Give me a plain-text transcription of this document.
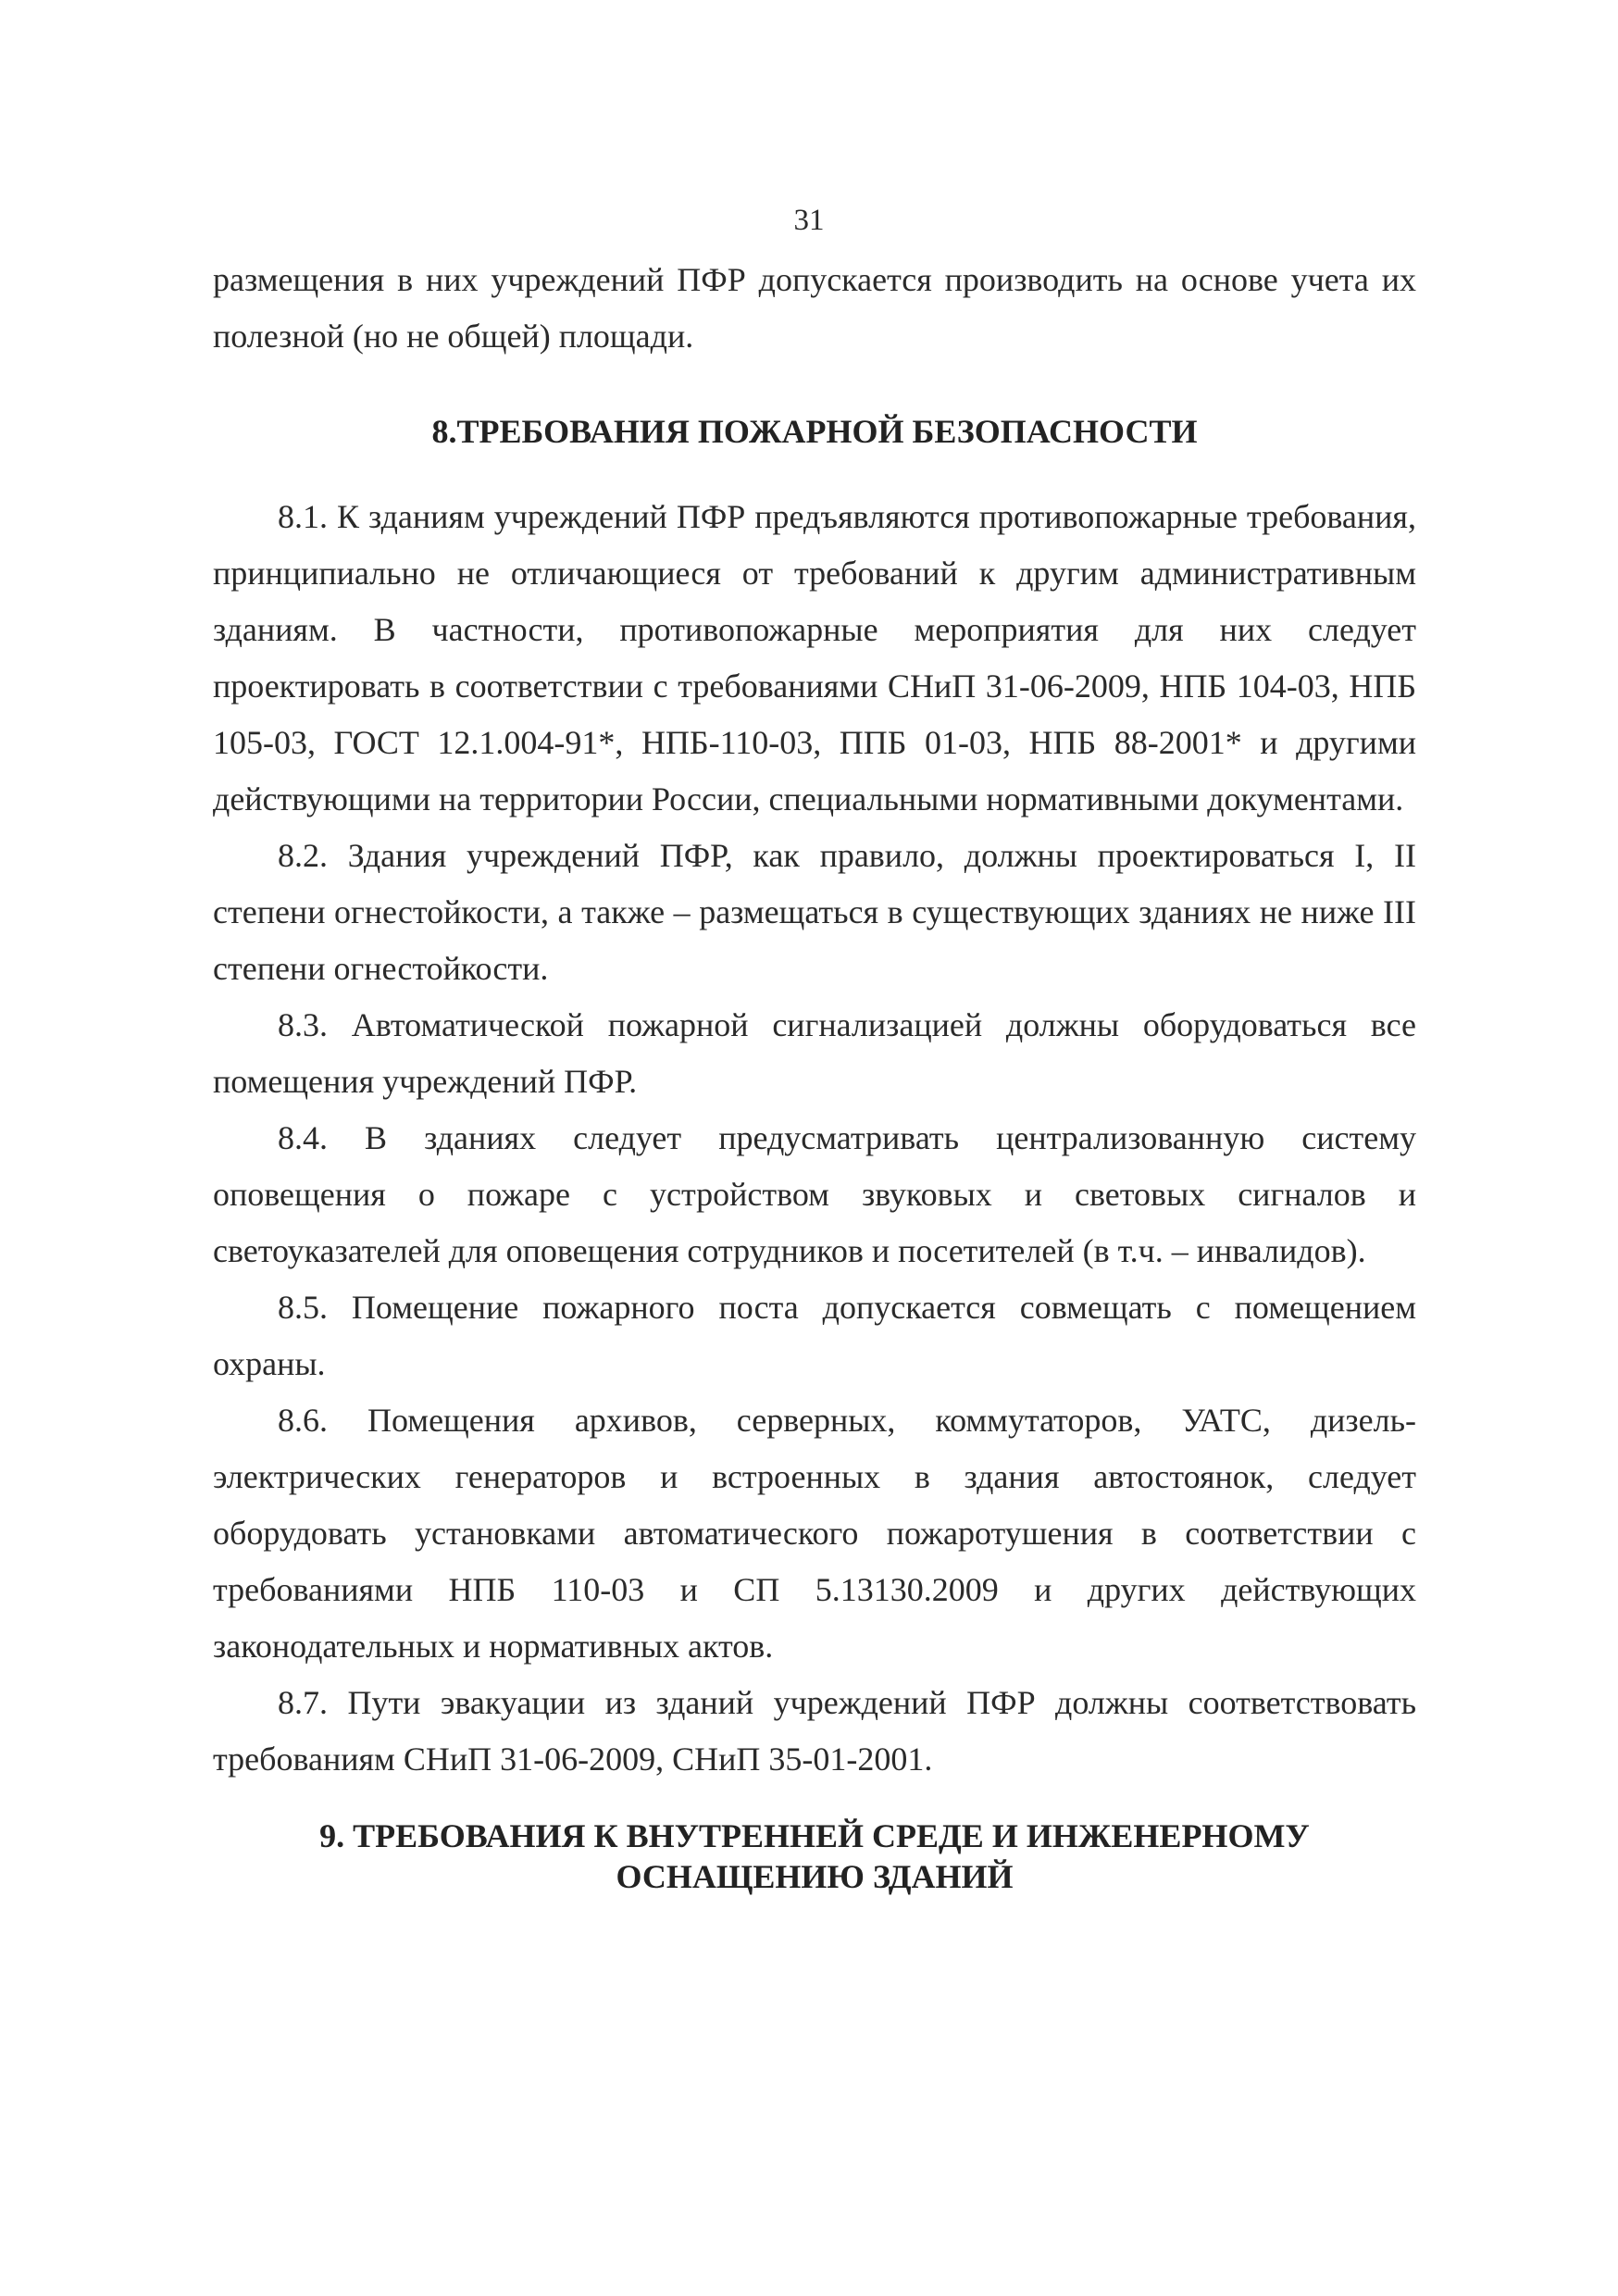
31

размещения в них учреждений ПФР допускается производить на основе учета их полезной (но не общей) площади.

8.ТРЕБОВАНИЯ ПОЖАРНОЙ БЕЗОПАСНОСТИ

8.1. К зданиям учреждений ПФР предъявляются противопожарные требования, принципиально не отличающиеся от требований к другим административным зданиям. В частности, противопожарные мероприятия для них следует проектировать в соответствии с требованиями СНиП 31-06-2009, НПБ 104-03, НПБ 105-03, ГОСТ 12.1.004-91*, НПБ-110-03, ППБ 01-03, НПБ 88-2001* и другими действующими на территории России, специальными нормативными документами.

8.2. Здания учреждений ПФР, как правило, должны проектироваться I, II степени огнестойкости, а также – размещаться в существующих зданиях не ниже III степени огнестойкости.

8.3. Автоматической пожарной сигнализацией должны оборудоваться все помещения учреждений ПФР.

8.4. В зданиях следует предусматривать централизованную систему оповещения о пожаре с устройством звуковых и световых сигналов и светоуказателей для оповещения сотрудников и посетителей (в т.ч. – инвалидов).

8.5. Помещение пожарного поста допускается совмещать с помещением охраны.

8.6. Помещения архивов, серверных, коммутаторов, УАТС, дизель-электрических генераторов и встроенных в здания автостоянок, следует оборудовать установками автоматического пожаротушения в соответствии с требованиями НПБ 110-03 и СП 5.13130.2009 и других действующих законодательных и нормативных актов.

8.7. Пути эвакуации из зданий учреждений ПФР должны соответствовать требованиям СНиП 31-06-2009, СНиП 35-01-2001.

9. ТРЕБОВАНИЯ К ВНУТРЕННЕЙ СРЕДЕ И ИНЖЕНЕРНОМУ ОСНАЩЕНИЮ ЗДАНИЙ
